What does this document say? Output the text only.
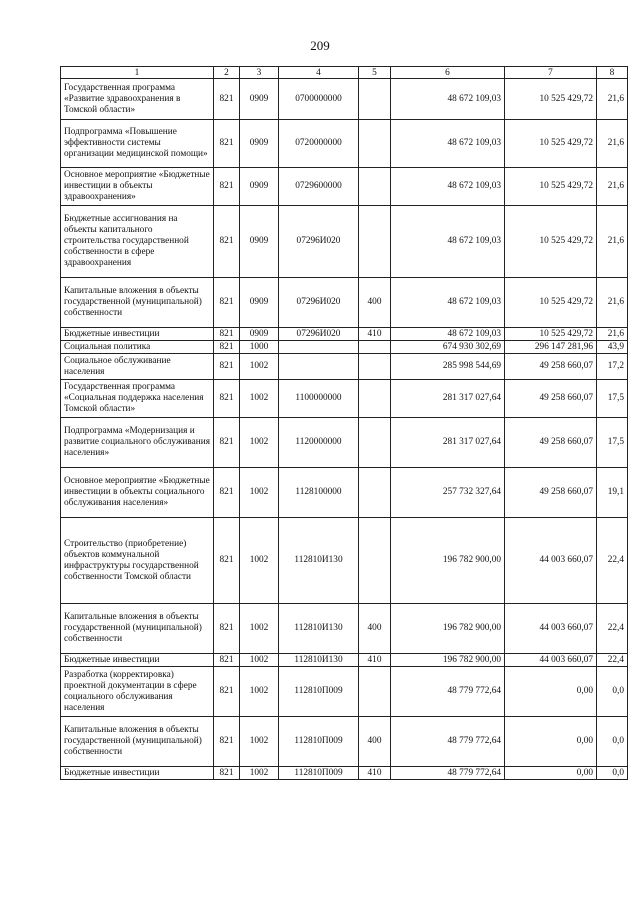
209
1	2	3	4	5	6	7	8
Государственная программа «Развитие здравоохранения в Томской области»	821	0909	0700000000		48 672 109,03	10 525 429,72	21,6
Подпрограмма «Повышение эффективности системы организации медицинской помощи»	821	0909	0720000000		48 672 109,03	10 525 429,72	21,6
Основное мероприятие «Бюджетные инвестиции в объекты здравоохранения»	821	0909	0729600000		48 672 109,03	10 525 429,72	21,6
Бюджетные ассигнования на объекты капитального строительства государственной собственности в сфере здравоохранения	821	0909	07296И020		48 672 109,03	10 525 429,72	21,6
Капитальные вложения в объекты государственной (муниципальной) собственности	821	0909	07296И020	400	48 672 109,03	10 525 429,72	21,6
Бюджетные инвестиции	821	0909	07296И020	410	48 672 109,03	10 525 429,72	21,6
Социальная политика	821	1000			674 930 302,69	296 147 281,96	43,9
Социальное обслуживание населения	821	1002			285 998 544,69	49 258 660,07	17,2
Государственная программа «Социальная поддержка населения Томской области»	821	1002	1100000000		281 317 027,64	49 258 660,07	17,5
Подпрограмма «Модернизация и развитие социального обслуживания населения»	821	1002	1120000000		281 317 027,64	49 258 660,07	17,5
Основное мероприятие «Бюджетные инвестиции в объекты социального обслуживания населения»	821	1002	1128100000		257 732 327,64	49 258 660,07	19,1
Строительство (приобретение) объектов коммунальной инфраструктуры государственной собственности Томской области	821	1002	112810И130		196 782 900,00	44 003 660,07	22,4
Капитальные вложения в объекты государственной (муниципальной) собственности	821	1002	112810И130	400	196 782 900,00	44 003 660,07	22,4
Бюджетные инвестиции	821	1002	112810И130	410	196 782 900,00	44 003 660,07	22,4
Разработка (корректировка) проектной документации в сфере социального обслуживания населения	821	1002	112810П009		48 779 772,64	0,00	0,0
Капитальные вложения в объекты государственной (муниципальной) собственности	821	1002	112810П009	400	48 779 772,64	0,00	0,0
Бюджетные инвестиции	821	1002	112810П009	410	48 779 772,64	0,00	0,0
